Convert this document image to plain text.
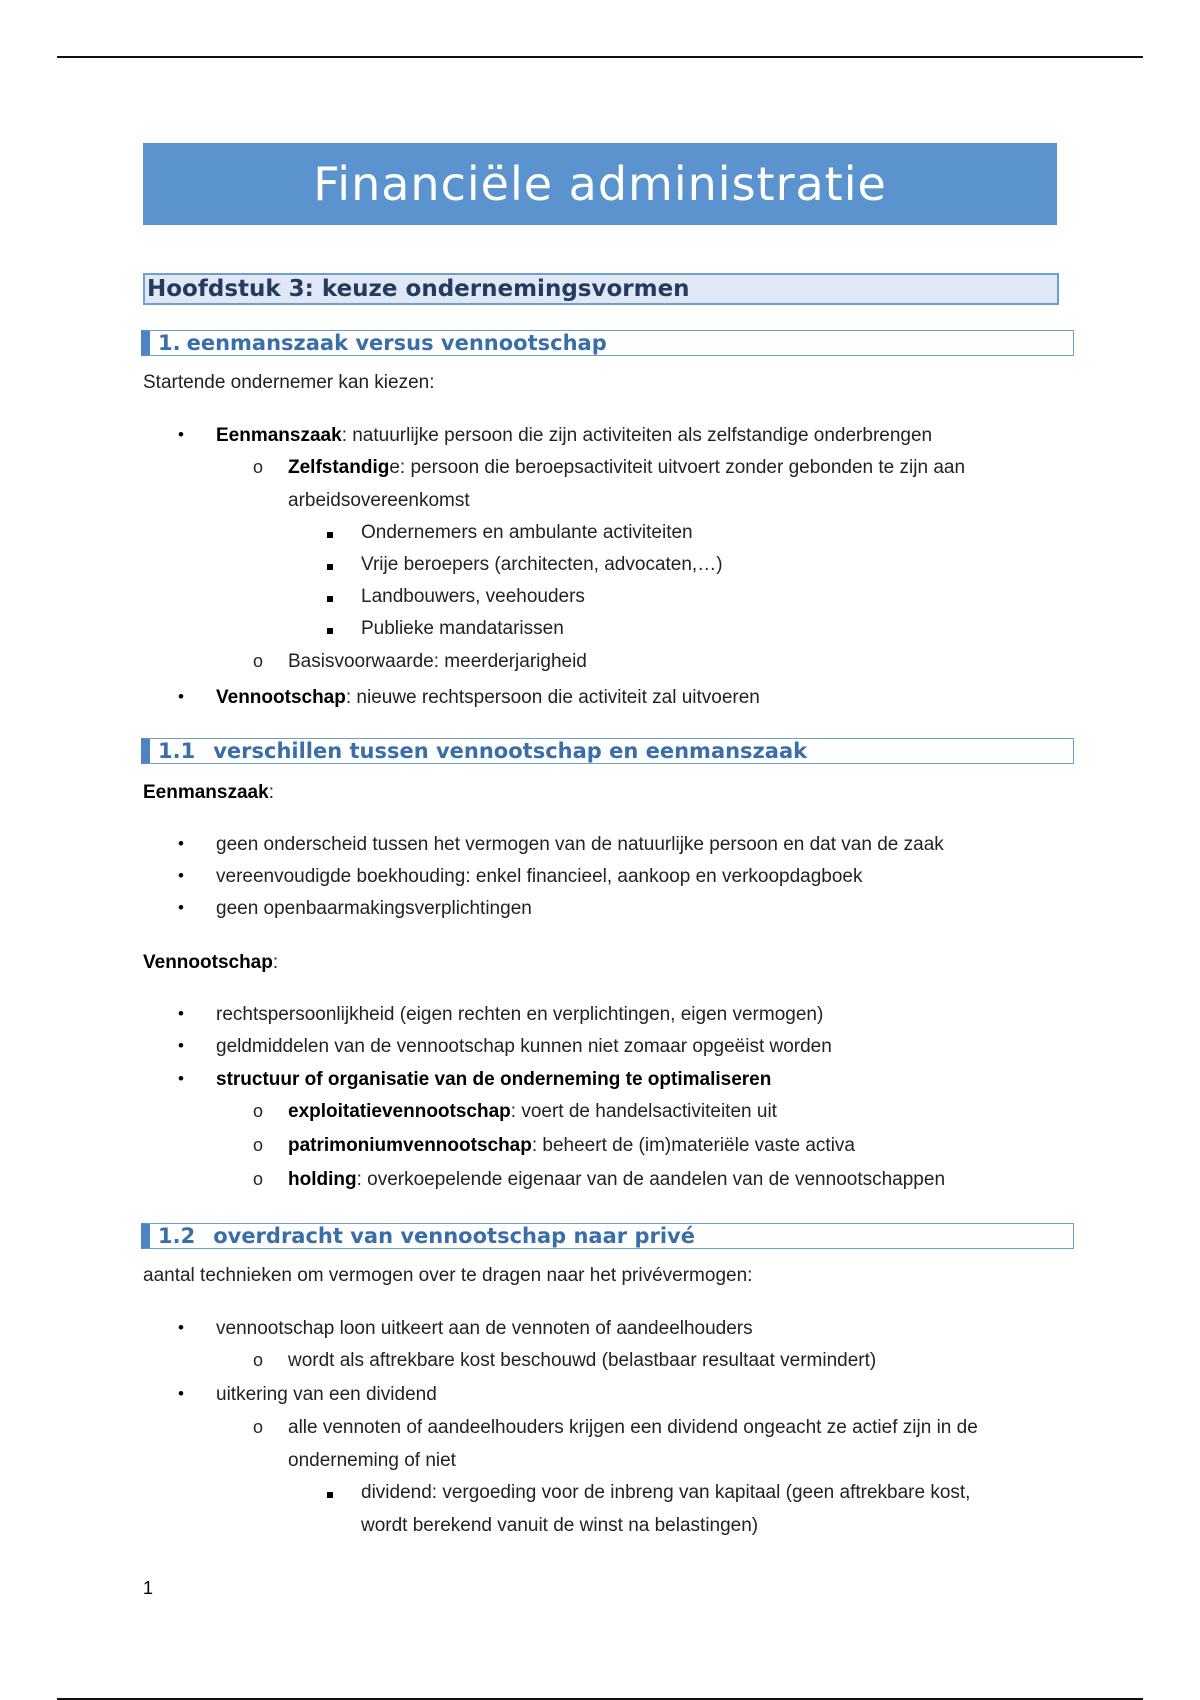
Financiële administratie
Hoofdstuk 3: keuze ondernemingsvormen
1. eenmanszaak versus vennootschap
Startende ondernemer kan kiezen:
• Eenmanszaak: natuurlijke persoon die zijn activiteiten als zelfstandige onderbrengen
o Zelfstandige: persoon die beroepsactiviteit uitvoert zonder gebonden te zijn aan
arbeidsovereenkomst
Ondernemers en ambulante activiteiten
Vrije beroepers (architecten, advocaten,…)
Landbouwers, veehouders
Publieke mandatarissen
o Basisvoorwaarde: meerderjarigheid
• Vennootschap: nieuwe rechtspersoon die activiteit zal uitvoeren
1.1 verschillen tussen vennootschap en eenmanszaak
Eenmanszaak:
• geen onderscheid tussen het vermogen van de natuurlijke persoon en dat van de zaak
• vereenvoudigde boekhouding: enkel financieel, aankoop en verkoopdagboek
• geen openbaarmakingsverplichtingen
Vennootschap:
• rechtspersoonlijkheid (eigen rechten en verplichtingen, eigen vermogen)
• geldmiddelen van de vennootschap kunnen niet zomaar opgeëist worden
• structuur of organisatie van de onderneming te optimaliseren
o exploitatievennootschap: voert de handelsactiviteiten uit
o patrimoniumvennootschap: beheert de (im)materiële vaste activa
o holding: overkoepelende eigenaar van de aandelen van de vennootschappen
1.2 overdracht van vennootschap naar privé
aantal technieken om vermogen over te dragen naar het privévermogen:
• vennootschap loon uitkeert aan de vennoten of aandeelhouders
o wordt als aftrekbare kost beschouwd (belastbaar resultaat vermindert)
• uitkering van een dividend
o alle vennoten of aandeelhouders krijgen een dividend ongeacht ze actief zijn in de
onderneming of niet
dividend: vergoeding voor de inbreng van kapitaal (geen aftrekbare kost,
wordt berekend vanuit de winst na belastingen)
1
